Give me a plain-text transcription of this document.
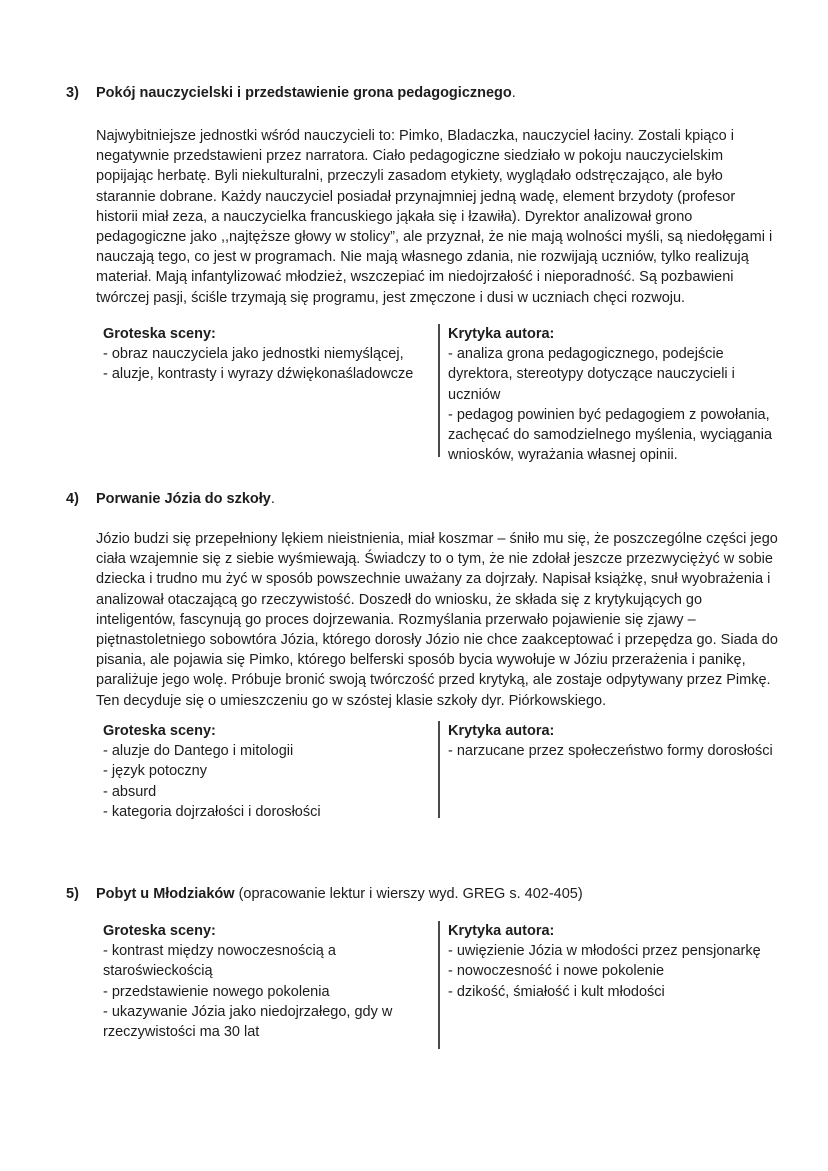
3) Pokój nauczycielski i przedstawienie grona pedagogicznego.

Najwybitniejsze jednostki wśród nauczycieli to: Pimko, Bladaczka, nauczyciel łaciny. Zostali kpiąco i negatywnie przedstawieni przez narratora. Ciało pedagogiczne siedziało w pokoju nauczycielskim popijając herbatę. Byli niekulturalni, przeczyli zasadom etykiety, wyglądało odstręczająco, ale było starannie dobrane. Każdy nauczyciel posiadał przynajmniej jedną wadę, element brzydoty (profesor historii miał zeza, a nauczycielka francuskiego jąkała się i łzawiła). Dyrektor analizował grono pedagogiczne jako ,,najtęższe głowy w stolicy”, ale przyznał, że nie mają wolności myśli, są niedołęgami i nauczają tego, co jest w programach. Nie mają własnego zdania, nie rozwijają uczniów, tylko realizują materiał. Mają infantylizować młodzież, wszczepiać im niedojrzałość i nieporadność. Są pozbawieni twórczej pasji, ściśle trzymają się programu, jest zmęczone i dusi w uczniach chęci rozwoju.

Groteska sceny:
- obraz nauczyciela jako jednostki niemyślącej,
- aluzje, kontrasty i wyrazy dźwiękonaśladowcze
Krytyka autora:
- analiza grona pedagogicznego, podejście dyrektora, stereotypy dotyczące nauczycieli i uczniów
- pedagog powinien być pedagogiem z powołania, zachęcać do samodzielnego myślenia, wyciągania wniosków, wyrażania własnej opinii.
4) Porwanie Józia do szkoły.

Józio budzi się przepełniony lękiem nieistnienia, miał koszmar – śniło mu się, że poszczególne części jego ciała wzajemnie się z siebie wyśmiewają. Świadczy to o tym, że nie zdołał jeszcze przezwyciężyć w sobie dziecka i trudno mu żyć w sposób powszechnie uważany za dojrzały. Napisał książkę, snuł wyobrażenia i analizował otaczającą go rzeczywistość. Doszedł do wniosku, że składa się z krytykujących go inteligentów, fascynują go proces dojrzewania. Rozmyślania przerwało pojawienie się zjawy – piętnastoletniego sobowtóra Józia, którego dorosły Józio nie chce zaakceptować i przepędza go. Siada do pisania, ale pojawia się Pimko, którego belferski sposób bycia wywołuje w Józiu przerażenia i panikę, paraliżuje jego wolę. Próbuje bronić swoją twórczość przed krytyką, ale zostaje odpytywany przez Pimkę. Ten decyduje się o umieszczeniu go w szóstej klasie szkoły dyr. Piórkowskiego.

Groteska sceny:
- aluzje do Dantego i mitologii
- język potoczny
- absurd
- kategoria dojrzałości i dorosłości
Krytyka autora:
- narzucane przez społeczeństwo formy dorosłości
5) Pobyt u Młodziaków (opracowanie lektur i wierszy wyd. GREG s. 402-405)
Groteska sceny:
- kontrast między nowoczesnością a staroświeckością
- przedstawienie nowego pokolenia
- ukazywanie Józia jako niedojrzałego, gdy w rzeczywistości ma 30 lat
Krytyka autora:
- uwięzienie Józia w młodości przez pensjonarkę
- nowoczesność i nowe pokolenie
- dzikość, śmiałość i kult młodości
